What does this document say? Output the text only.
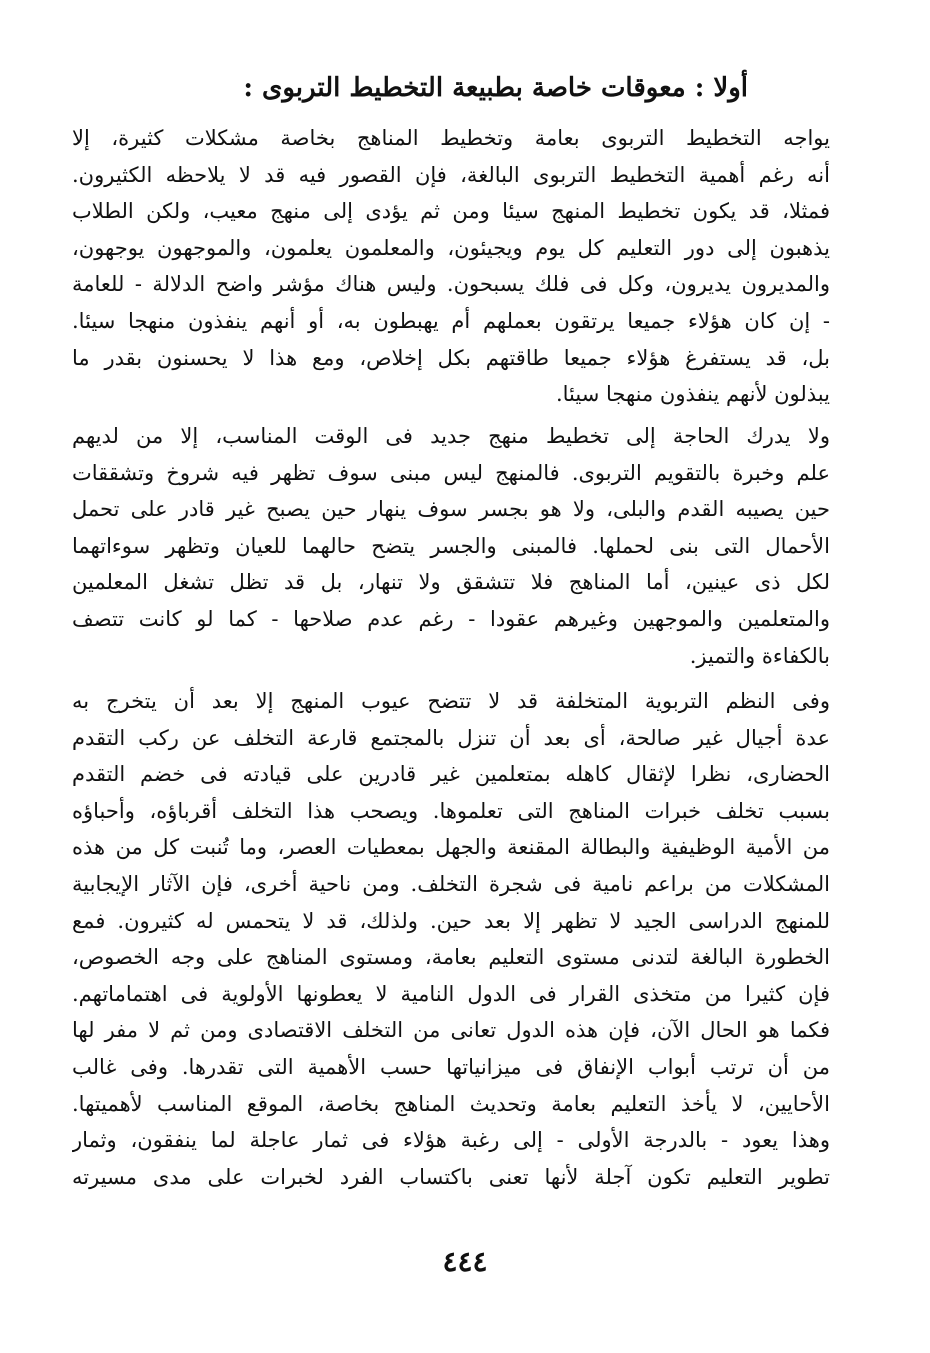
أولا : معوقات خاصة بطبيعة التخطيط التربوى :
يواجه التخطيط التربوى بعامة وتخطيط المناهج بخاصة مشكلات كثيرة، إلا
أنه رغم أهمية التخطيط التربوى البالغة، فإن القصور فيه قد لا يلاحظه الكثيرون.
فمثلا، قد يكون تخطيط المنهج سيئا ومن ثم يؤدى إلى منهج معيب، ولكن الطلاب
يذهبون إلى دور التعليم كل يوم ويجيئون، والمعلمون يعلمون، والموجهون يوجهون،
والمديرون يديرون، وكل فى فلك يسبحون. وليس هناك مؤشر واضح الدلالة - للعامة
- إن كان هؤلاء جميعا يرتقون بعملهم أم يهبطون به، أو أنهم ينفذون منهجا سيئا.
بل، قد يستفرغ هؤلاء جميعا طاقتهم بكل إخلاص، ومع هذا لا يحسنون بقدر ما
يبذلون لأنهم ينفذون منهجا سيئا.
ولا يدرك الحاجة إلى تخطيط منهج جديد فى الوقت المناسب، إلا من لديهم
علم وخبرة بالتقويم التربوى. فالمنهج ليس مبنى سوف تظهر فيه شروخ وتشققات
حين يصيبه القدم والبلى، ولا هو بجسر سوف ينهار حين يصبح غير قادر على تحمل
الأحمال التى بنى لحملها. فالمبنى والجسر يتضح حالهما للعيان وتظهر سوءاتهما
لكل ذى عينين، أما المناهج فلا تتشقق ولا تنهار، بل قد تظل تشغل المعلمين
والمتعلمين والموجهين وغيرهم عقودا - رغم عدم صلاحها - كما لو كانت تتصف
بالكفاءة والتميز.
وفى النظم التربوية المتخلفة قد لا تتضح عيوب المنهج إلا بعد أن يتخرج به
عدة أجيال غير صالحة، أى بعد أن تنزل بالمجتمع قارعة التخلف عن ركب التقدم
الحضارى، نظرا لإثقال كاهله بمتعلمين غير قادرين على قيادته فى خضم التقدم
بسبب تخلف خبرات المناهج التى تعلموها. ويصحب هذا التخلف أقرباؤه، وأحباؤه
من الأمية الوظيفية والبطالة المقنعة والجهل بمعطيات العصر، وما تُنبت كل من هذه
المشكلات من براعم نامية فى شجرة التخلف. ومن ناحية أخرى، فإن الآثار الإيجابية
للمنهج الدراسى الجيد لا تظهر إلا بعد حين. ولذلك، قد لا يتحمس له كثيرون. فمع
الخطورة البالغة لتدنى مستوى التعليم بعامة، ومستوى المناهج على وجه الخصوص،
فإن كثيرا من متخذى القرار فى الدول النامية لا يعطونها الأولوية فى اهتماماتهم.
فكما هو الحال الآن، فإن هذه الدول تعانى من التخلف الاقتصادى ومن ثم لا مفر لها
من أن ترتب أبواب الإنفاق فى ميزانياتها حسب الأهمية التى تقدرها. وفى غالب
الأحايين، لا يأخذ التعليم بعامة وتحديث المناهج بخاصة، الموقع المناسب لأهميتها.
وهذا يعود - بالدرجة الأولى - إلى رغبة هؤلاء فى ثمار عاجلة لما ينفقون، وثمار
تطوير التعليم تكون آجلة لأنها تعنى باكتساب الفرد لخبرات على مدى مسيرته
٤٤٤
